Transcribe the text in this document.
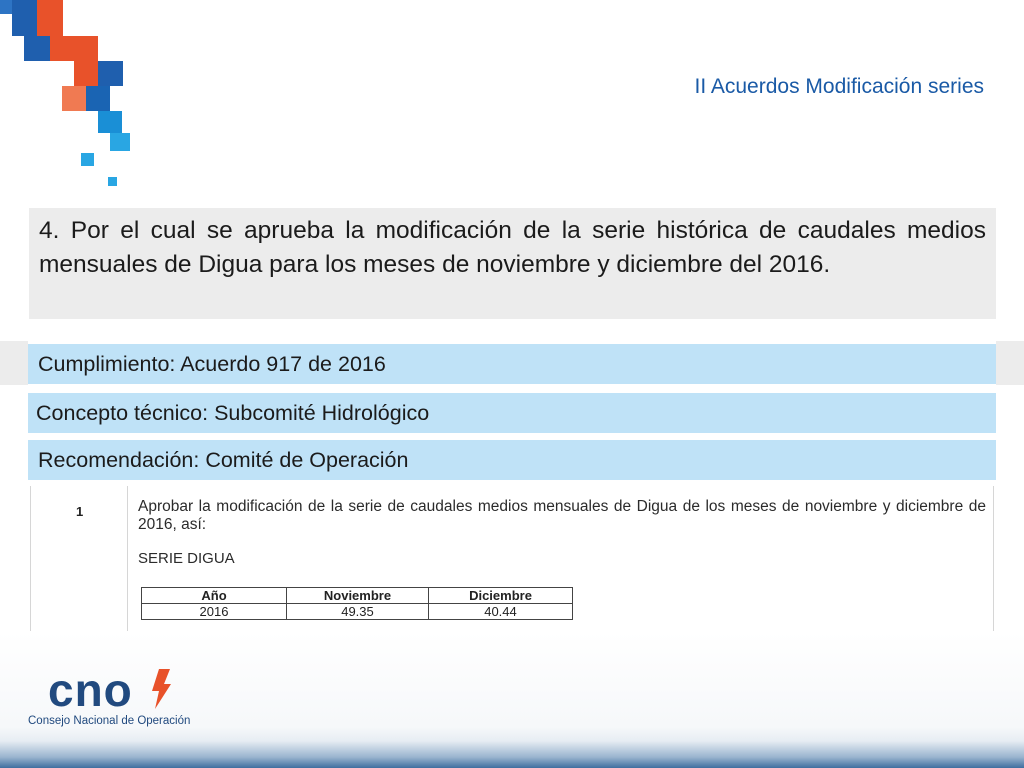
II Acuerdos Modificación series

4. Por el cual se aprueba la modificación de la serie histórica de caudales medios mensuales de Digua para los meses de noviembre y diciembre del 2016.

Cumplimiento: Acuerdo 917 de 2016
Concepto técnico: Subcomité Hidrológico
Recomendación: Comité de Operación
1	Aprobar la modificación de la serie de caudales medios mensuales de Digua de los meses de noviembre y diciembre de 2016, así:
SERIE DIGUA
Año	Noviembre	Diciembre
2016	49.35	40.44
cno
Consejo Nacional de Operación
